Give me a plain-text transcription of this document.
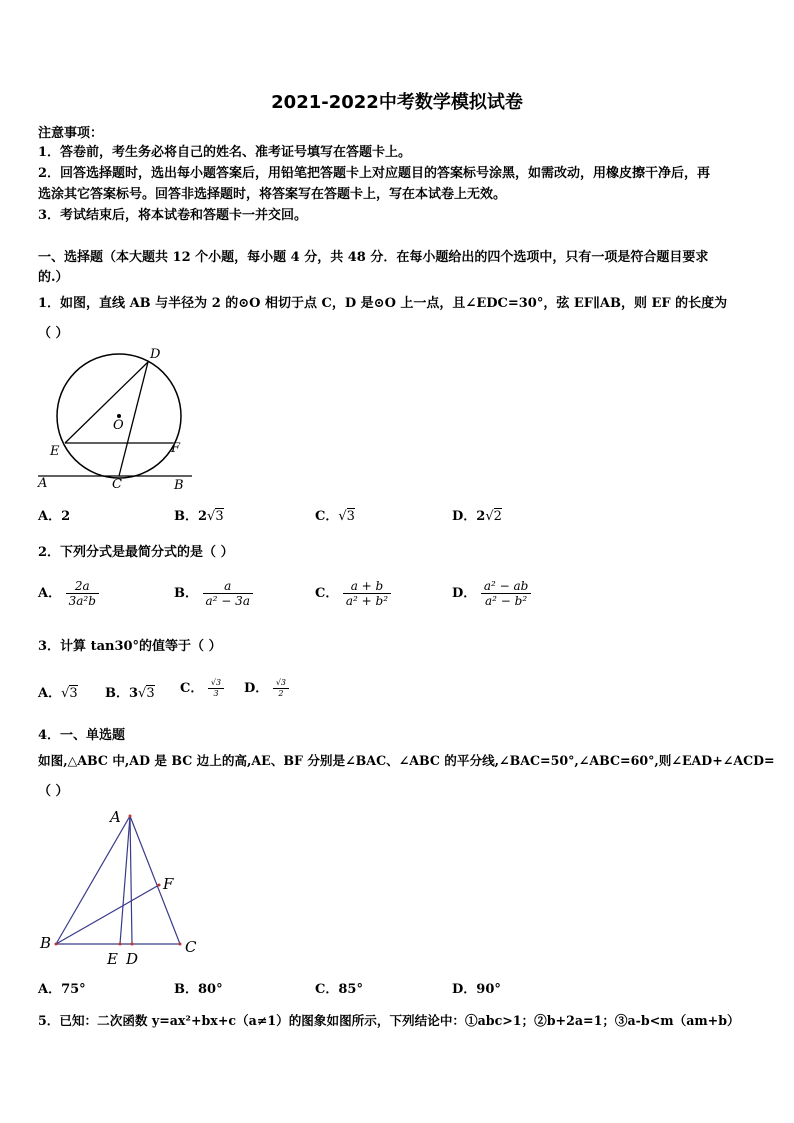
2021-2022中考数学模拟试卷
注意事项：
1．答卷前，考生务必将自己的姓名、准考证号填写在答题卡上。
2．回答选择题时，选出每小题答案后，用铅笔把答题卡上对应题目的答案标号涂黑，如需改动，用橡皮擦干净后，再
选涂其它答案标号。回答非选择题时，将答案写在答题卡上，写在本试卷上无效。
3．考试结束后，将本试卷和答题卡一并交回。
一、选择题（本大题共 12 个小题，每小题 4 分，共 48 分．在每小题给出的四个选项中，只有一项是符合题目要求
的.）
1．如图，直线 AB 与半径为 2 的⊙O 相切于点 C，D 是⊙O 上一点，且∠EDC=30°，弦 EF∥AB，则 EF 的长度为
（ ）
D
O
E	F
A	C	B
A．2	B．2√3	C．√3	D．2√2
2．下列分式是最简分式的是（ ）
A． $\frac{2a}{\text{3a²b}}$	B． $\frac{a}{\text{a² − 3a}}$	C． $\frac{a + b}{\text{a² + b²}}$	D． $\frac{\text{a² − ab}}{\text{a² − b²}}$
3．计算 tan30°的值等于（ ）
A．√3 B．3√3 C． $\frac{√3}{3}$ D． $\frac{√3}{2}$
4．一、单选题
如图,△ABC 中,AD 是 BC 边上的高,AE、BF 分别是∠BAC、∠ABC 的平分线,∠BAC=50°,∠ABC=60°,则∠EAD+∠ACD=
（ ）
A
F
B	C
E D
A．75°	B．80°	C．85°	D．90°
5．已知：二次函数 y=ax²+bx+c（a≠1）的图象如图所示，下列结论中：①abc>1；②b+2a=1；③a-b<m（am+b）
